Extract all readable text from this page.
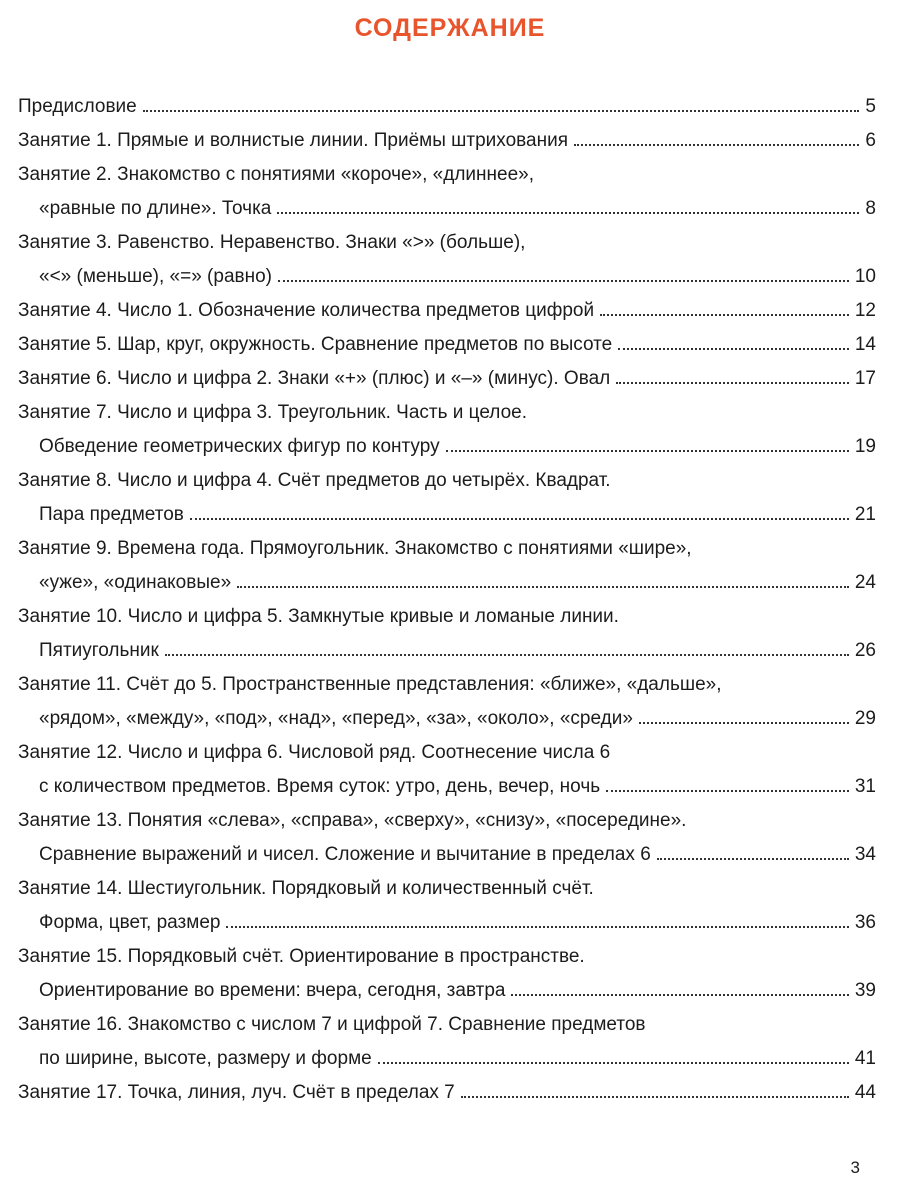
СОДЕРЖАНИЕ
Предисловие	5
Занятие 1. Прямые и волнистые линии. Приёмы штрихования	6
Занятие 2. Знакомство с понятиями «короче», «длиннее»,
«равные по длине». Точка	8
Занятие 3. Равенство. Неравенство. Знаки «>» (больше),
«<» (меньше), «=» (равно)	10
Занятие 4. Число 1. Обозначение количества предметов цифрой	12
Занятие 5. Шар, круг, окружность. Сравнение предметов по высоте	14
Занятие 6. Число и цифра 2. Знаки «+» (плюс) и «–» (минус). Овал	17
Занятие 7. Число и цифра 3. Треугольник. Часть и целое.
Обведение геометрических фигур по контуру	19
Занятие 8. Число и цифра 4. Счёт предметов до четырёх. Квадрат.
Пара предметов	21
Занятие 9. Времена года. Прямоугольник. Знакомство с понятиями «шире»,
«уже», «одинаковые»	24
Занятие 10. Число и цифра 5. Замкнутые кривые и ломаные линии.
Пятиугольник	26
Занятие 11. Счёт до 5. Пространственные представления: «ближе», «дальше»,
«рядом», «между», «под», «над», «перед», «за», «около», «среди»	29
Занятие 12. Число и цифра 6. Числовой ряд. Соотнесение числа 6
с количеством предметов. Время суток: утро, день, вечер, ночь	31
Занятие 13. Понятия «слева», «справа», «сверху», «снизу», «посередине».
Сравнение выражений и чисел. Сложение и вычитание в пределах 6	34
Занятие 14. Шестиугольник. Порядковый и количественный счёт.
Форма, цвет, размер	36
Занятие 15. Порядковый счёт. Ориентирование в пространстве.
Ориентирование во времени: вчера, сегодня, завтра	39
Занятие 16. Знакомство с числом 7 и цифрой 7. Сравнение предметов
по ширине, высоте, размеру и форме	41
Занятие 17. Точка, линия, луч. Счёт в пределах 7	44
3
